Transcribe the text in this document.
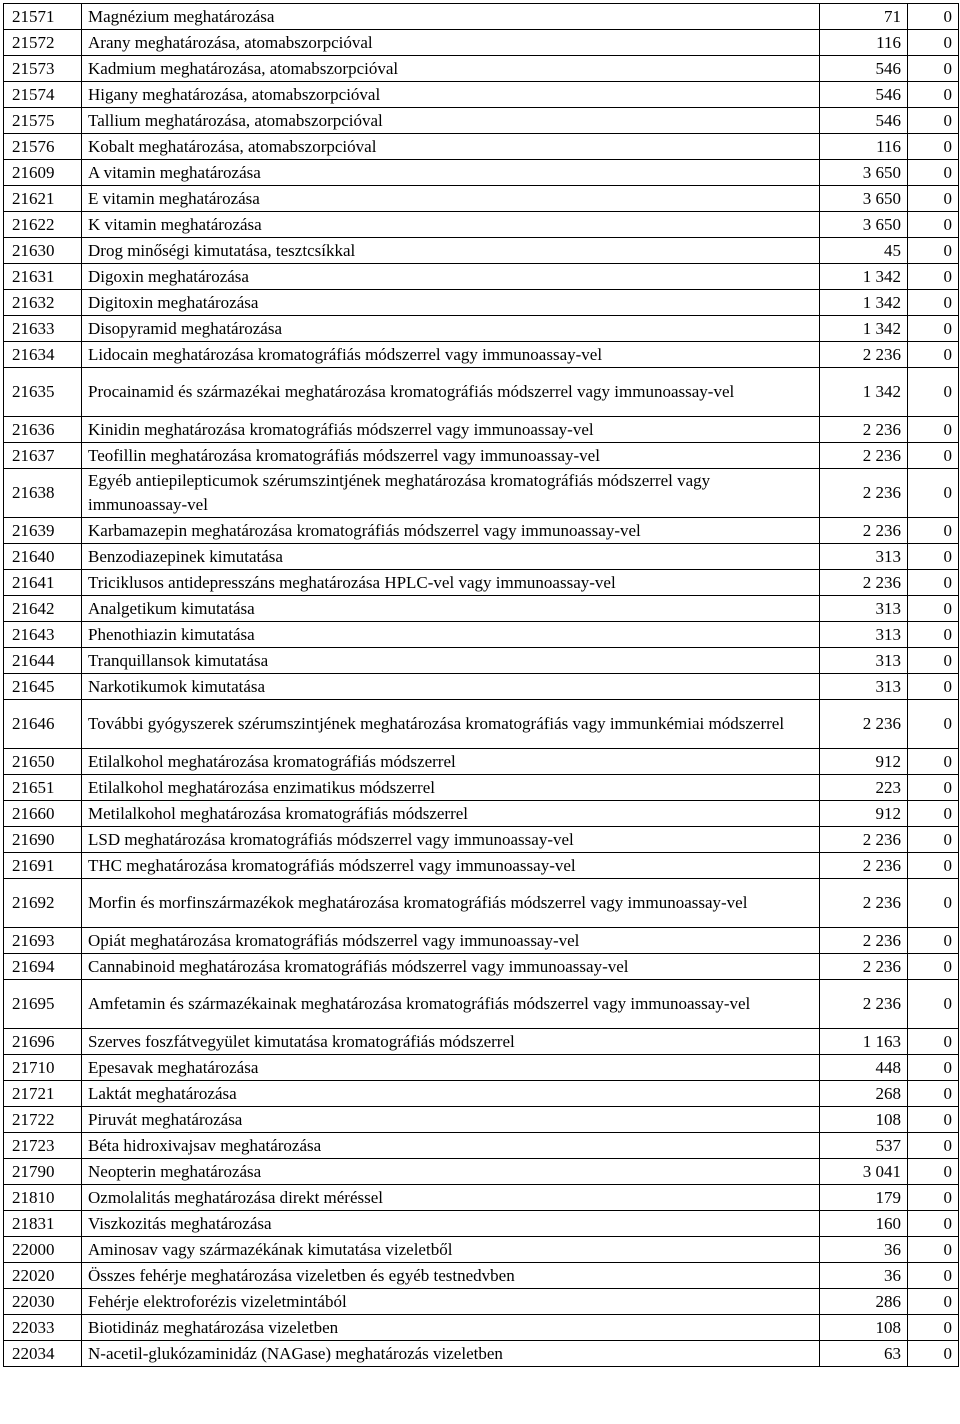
21571	Magnézium meghatározása	71	0
21572	Arany meghatározása, atomabszorpcióval	116	0
21573	Kadmium meghatározása, atomabszorpcióval	546	0
21574	Higany meghatározása, atomabszorpcióval	546	0
21575	Tallium meghatározása, atomabszorpcióval	546	0
21576	Kobalt meghatározása, atomabszorpcióval	116	0
21609	A vitamin meghatározása	3 650	0
21621	E vitamin meghatározása	3 650	0
21622	K vitamin meghatározása	3 650	0
21630	Drog minőségi kimutatása, tesztcsíkkal	45	0
21631	Digoxin meghatározása	1 342	0
21632	Digitoxin meghatározása	1 342	0
21633	Disopyramid meghatározása	1 342	0
21634	Lidocain meghatározása kromatográfiás módszerrel vagy immunoassay-vel	2 236	0
21635	Procainamid és származékai meghatározása kromatográfiás módszerrel vagy immunoassay-vel	1 342	0
21636	Kinidin meghatározása kromatográfiás módszerrel vagy immunoassay-vel	2 236	0
21637	Teofillin meghatározása kromatográfiás módszerrel vagy immunoassay-vel	2 236	0
21638	Egyéb antiepilepticumok szérumszintjének meghatározása kromatográfiás módszerrel vagy immunoassay-vel	2 236	0
21639	Karbamazepin meghatározása kromatográfiás módszerrel vagy immunoassay-vel	2 236	0
21640	Benzodiazepinek kimutatása	313	0
21641	Triciklusos antidepresszáns meghatározása HPLC-vel vagy immunoassay-vel	2 236	0
21642	Analgetikum kimutatása	313	0
21643	Phenothiazin kimutatása	313	0
21644	Tranquillansok kimutatása	313	0
21645	Narkotikumok kimutatása	313	0
21646	További gyógyszerek szérumszintjének meghatározása kromatográfiás vagy immunkémiai módszerrel	2 236	0
21650	Etilalkohol meghatározása kromatográfiás módszerrel	912	0
21651	Etilalkohol meghatározása enzimatikus módszerrel	223	0
21660	Metilalkohol meghatározása kromatográfiás módszerrel	912	0
21690	LSD meghatározása kromatográfiás módszerrel vagy immunoassay-vel	2 236	0
21691	THC meghatározása kromatográfiás módszerrel vagy immunoassay-vel	2 236	0
21692	Morfin és morfinszármazékok meghatározása kromatográfiás módszerrel vagy immunoassay-vel	2 236	0
21693	Opiát meghatározása kromatográfiás módszerrel vagy immunoassay-vel	2 236	0
21694	Cannabinoid meghatározása kromatográfiás módszerrel vagy immunoassay-vel	2 236	0
21695	Amfetamin és származékainak meghatározása kromatográfiás módszerrel vagy immunoassay-vel	2 236	0
21696	Szerves foszfátvegyület kimutatása kromatográfiás módszerrel	1 163	0
21710	Epesavak meghatározása	448	0
21721	Laktát meghatározása	268	0
21722	Piruvát meghatározása	108	0
21723	Béta hidroxivajsav meghatározása	537	0
21790	Neopterin meghatározása	3 041	0
21810	Ozmolalitás meghatározása direkt méréssel	179	0
21831	Viszkozitás meghatározása	160	0
22000	Aminosav vagy származékának kimutatása vizeletből	36	0
22020	Összes fehérje meghatározása vizeletben és egyéb testnedvben	36	0
22030	Fehérje elektroforézis vizeletmintából	286	0
22033	Biotidináz meghatározása vizeletben	108	0
22034	N-acetil-glukózaminidáz (NAGase) meghatározás vizeletben	63	0
